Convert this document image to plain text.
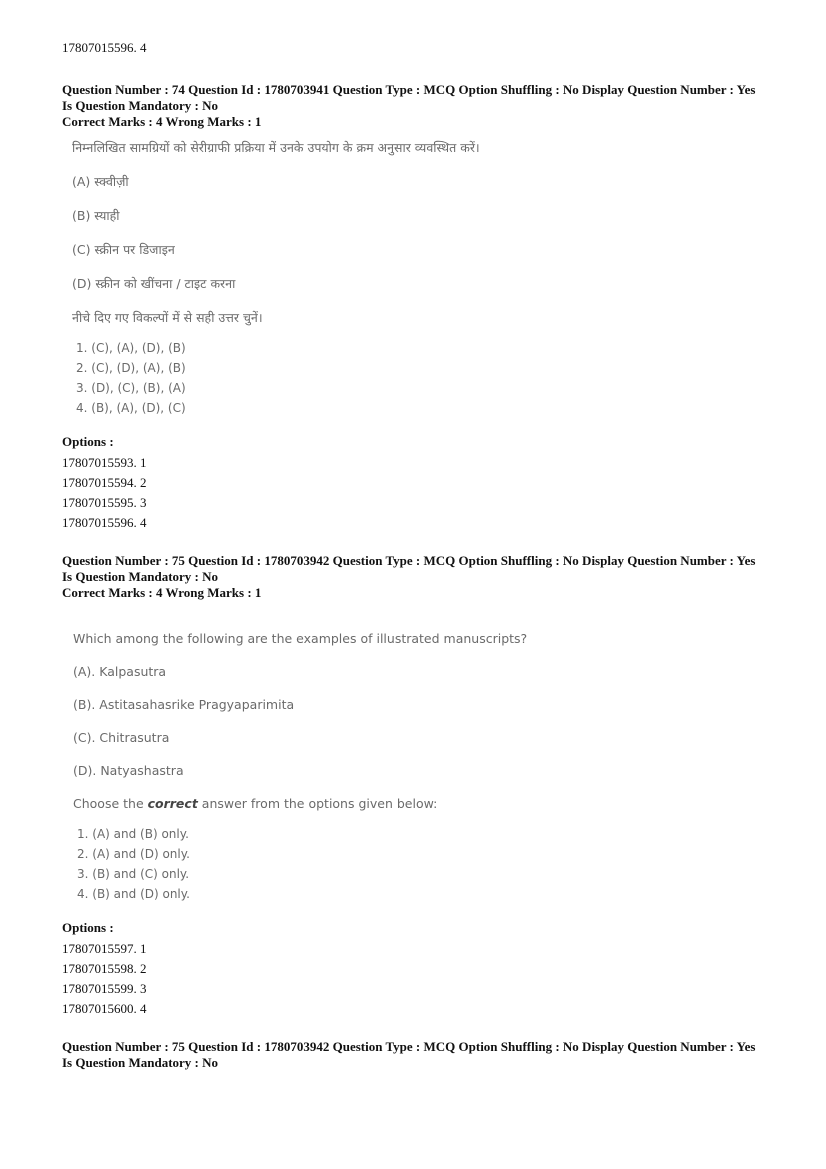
17807015596. 4

Question Number : 74 Question Id : 1780703941 Question Type : MCQ Option Shuffling : No Display Question Number : Yes

Is Question Mandatory : No

Correct Marks : 4 Wrong Marks : 1

निम्नलिखित सामग्रियों को सेरीग्राफी प्रक्रिया में उनके उपयोग के क्रम अनुसार व्यवस्थित करें।

(A) स्क्वीज़ी

(B) स्याही

(C) स्क्रीन पर डिजाइन

(D) स्क्रीन को खींचना / टाइट करना

नीचे दिए गए विकल्पों में से सही उत्तर चुनें।

1. (C), (A), (D), (B)

2. (C), (D), (A), (B)

3. (D), (C), (B), (A)

4. (B), (A), (D), (C)

Options :

17807015593. 1

17807015594. 2

17807015595. 3

17807015596. 4

Question Number : 75 Question Id : 1780703942 Question Type : MCQ Option Shuffling : No Display Question Number : Yes

Is Question Mandatory : No

Correct Marks : 4 Wrong Marks : 1

Which among the following are the examples of illustrated manuscripts?

(A). Kalpasutra

(B). Astitasahasrike Pragyaparimita

(C). Chitrasutra

(D). Natyashastra

Choose the correct answer from the options given below:

1. (A) and (B) only.

2. (A) and (D) only.

3. (B) and (C) only.

4. (B) and (D) only.

Options :

17807015597. 1

17807015598. 2

17807015599. 3

17807015600. 4

Question Number : 75 Question Id : 1780703942 Question Type : MCQ Option Shuffling : No Display Question Number : Yes

Is Question Mandatory : No
